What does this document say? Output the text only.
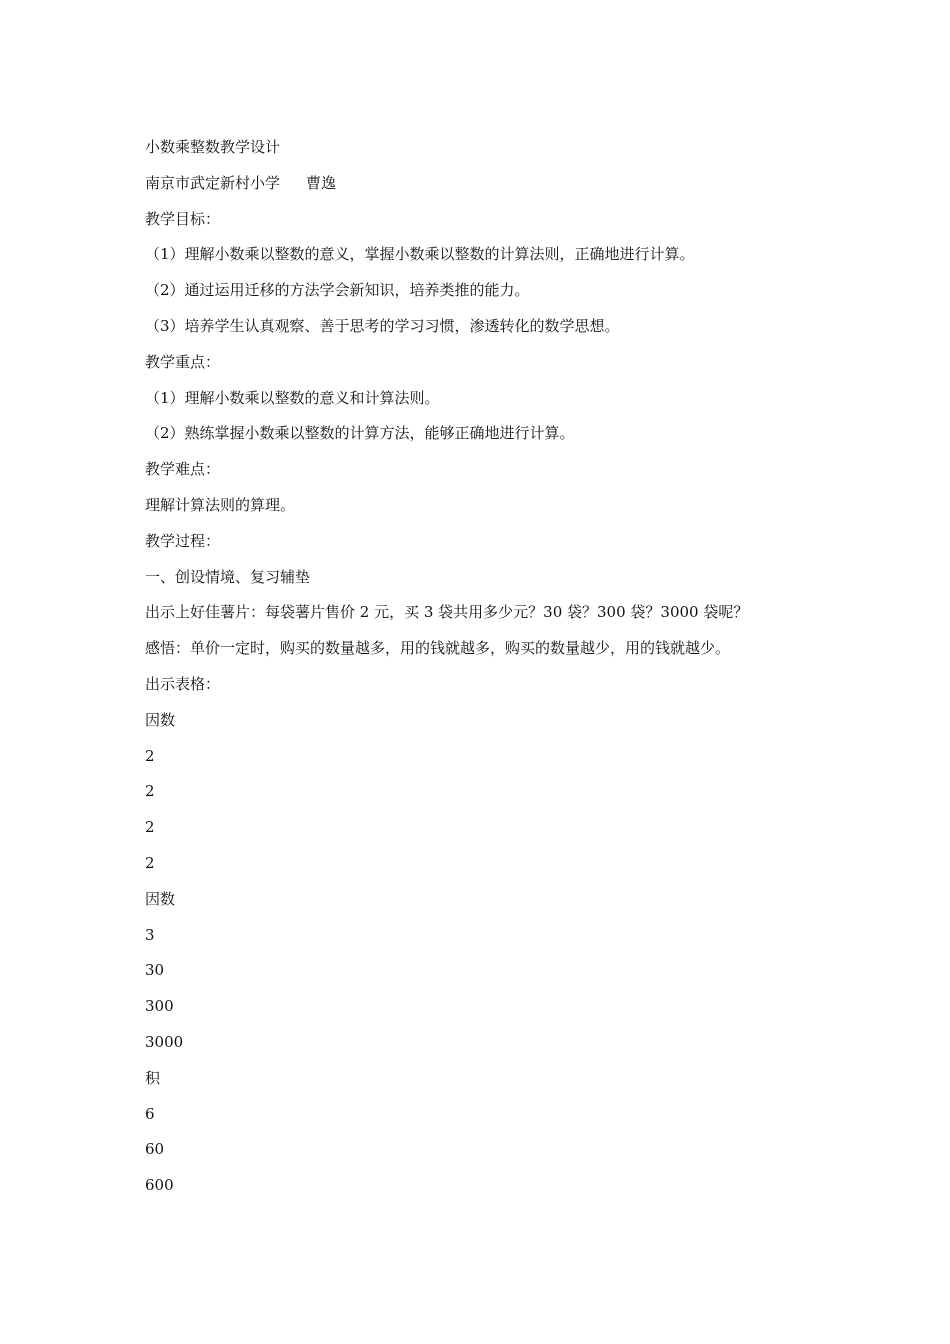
小数乘整数教学设计
南京市武定新村小学 曹逸
教学目标：
（1）理解小数乘以整数的意义，掌握小数乘以整数的计算法则，正确地进行计算。
（2）通过运用迁移的方法学会新知识，培养类推的能力。
（3）培养学生认真观察、善于思考的学习习惯，渗透转化的数学思想。
教学重点：
（1）理解小数乘以整数的意义和计算法则。
（2）熟练掌握小数乘以整数的计算方法，能够正确地进行计算。
教学难点：
理解计算法则的算理。
教学过程：
一、创设情境、复习辅垫
出示上好佳薯片：每袋薯片售价 2 元，买 3 袋共用多少元？30 袋？300 袋？3000 袋呢？
感悟：单价一定时，购买的数量越多，用的钱就越多，购买的数量越少，用的钱就越少。
出示表格：
因数
2
2
2
2
因数
3
30
300
3000
积
6
60
600
